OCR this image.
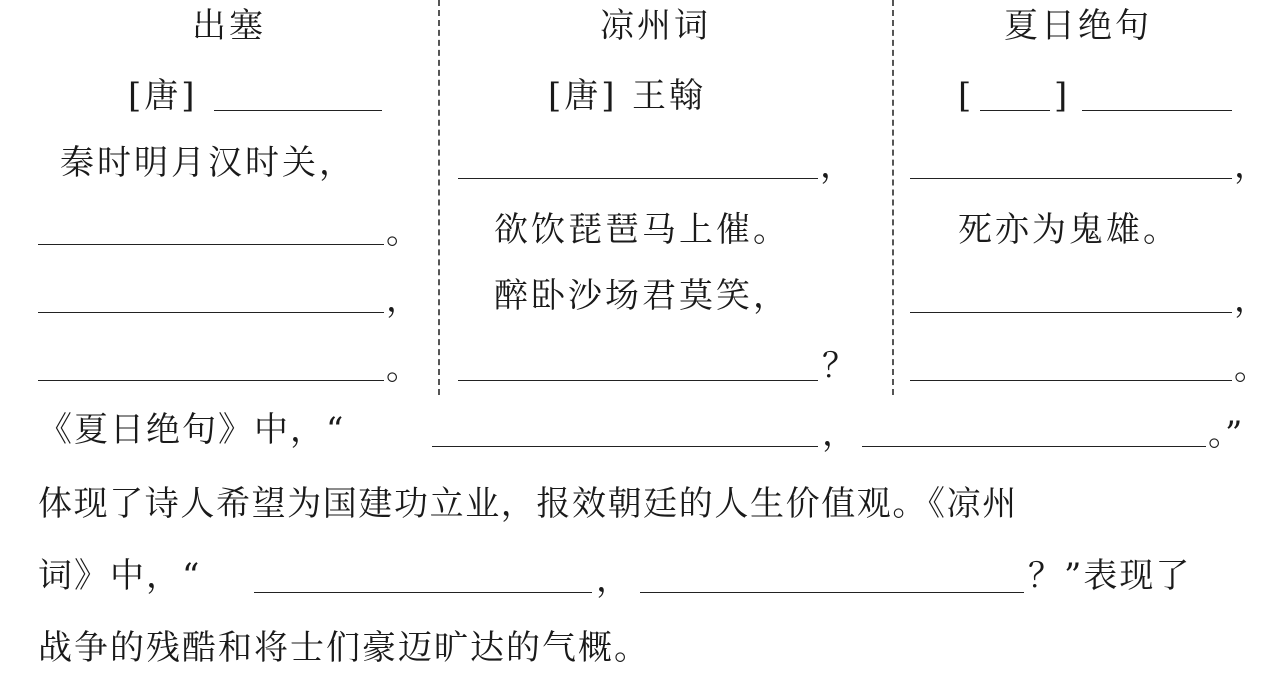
出塞
[唐]
秦时明月汉时关，
。
，
。
凉州词
[唐] 王翰
，
欲饮琵琶马上催。
醉卧沙场君莫笑，
？
夏日绝句
[ ]
，
死亦为鬼雄。
，
。
《夏日绝句》中，“	，	。”
体现了诗人希望为国建功立业，报效朝廷的人生价值观。《凉州
词》中，“	，	？”表现了
战争的残酷和将士们豪迈旷达的气概。
